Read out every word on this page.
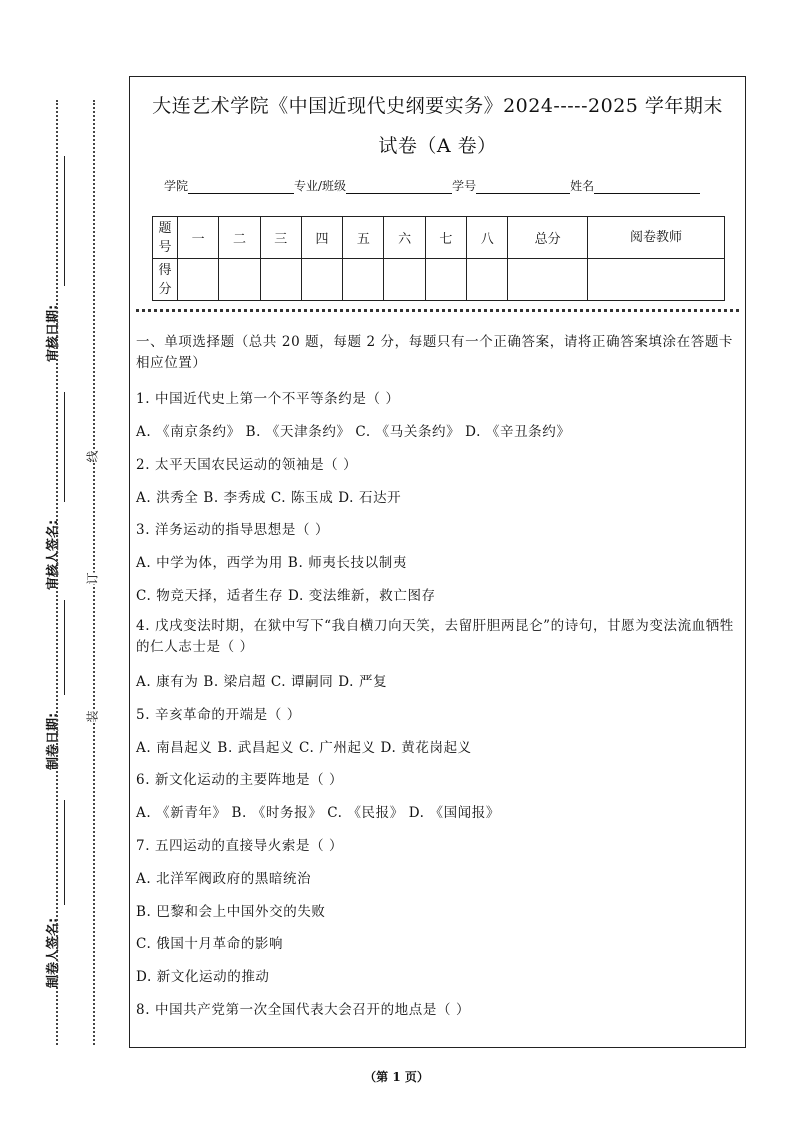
审核日期:
审核人签名:
制卷日期:
制卷人签名:
线
订
装
大连艺术学院《中国近现代史纲要实务》2024-----2025 学年期末
试卷（A 卷）
学院	专业/班级	学号	姓名
题号	一	二	三	四	五	六	七	八	总分	阅卷教师
得分										
一、单项选择题（总共 20 题，每题 2 分，每题只有一个正确答案，请将正确答案填涂在答题卡相应位置）
1. 中国近代史上第一个不平等条约是（ ）
A. 《南京条约》 B. 《天津条约》 C. 《马关条约》 D. 《辛丑条约》
2. 太平天国农民运动的领袖是（ ）
A. 洪秀全 B. 李秀成 C. 陈玉成 D. 石达开
3. 洋务运动的指导思想是（ ）
A. 中学为体，西学为用 B. 师夷长技以制夷
C. 物竞天择，适者生存 D. 变法维新，救亡图存
4. 戊戌变法时期，在狱中写下“我自横刀向天笑，去留肝胆两昆仑”的诗句，甘愿为变法流血牺牲的仁人志士是（ ）
A. 康有为 B. 梁启超 C. 谭嗣同 D. 严复
5. 辛亥革命的开端是（ ）
A. 南昌起义 B. 武昌起义 C. 广州起义 D. 黄花岗起义
6. 新文化运动的主要阵地是（ ）
A. 《新青年》 B. 《时务报》 C. 《民报》 D. 《国闻报》
7. 五四运动的直接导火索是（ ）
A. 北洋军阀政府的黑暗统治
B. 巴黎和会上中国外交的失败
C. 俄国十月革命的影响
D. 新文化运动的推动
8. 中国共产党第一次全国代表大会召开的地点是（ ）
（第 1 页）
